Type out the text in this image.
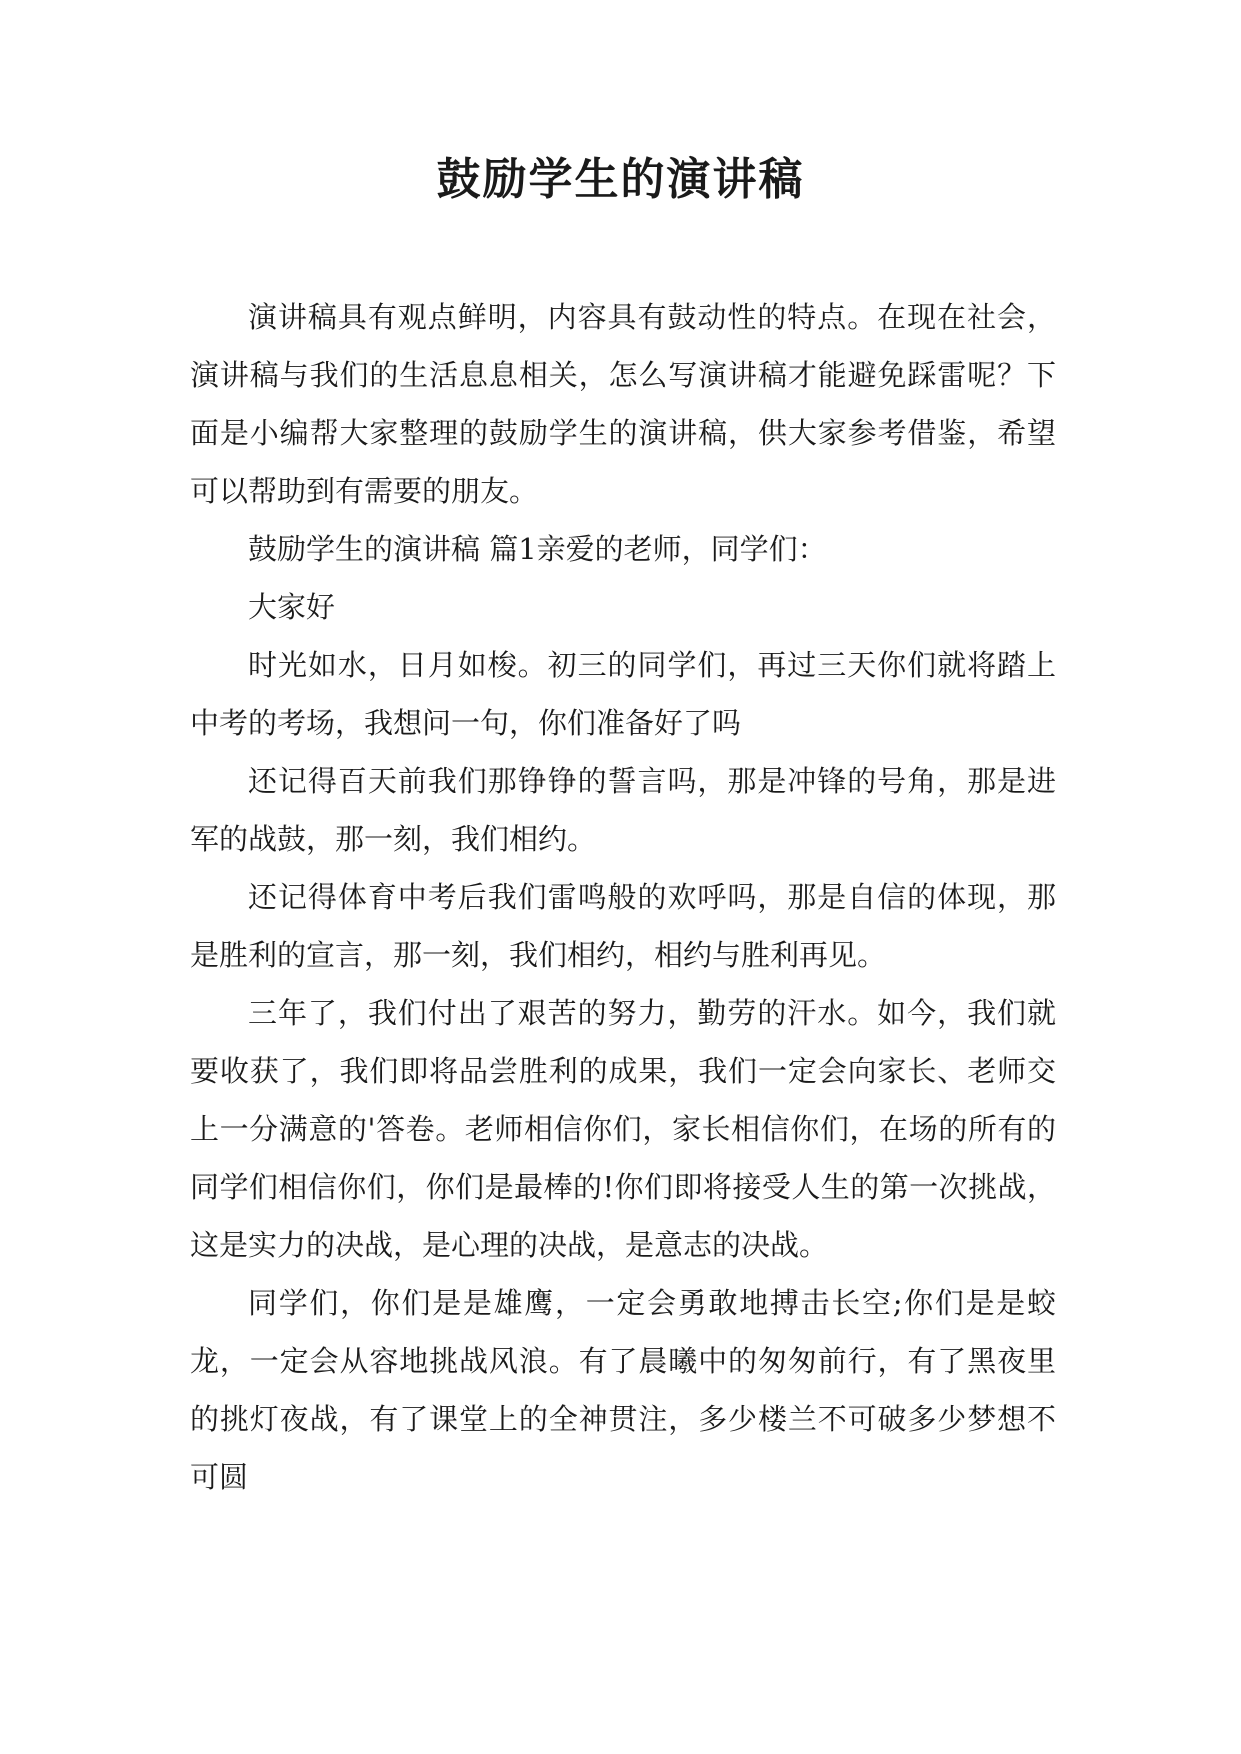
鼓励学生的演讲稿

演讲稿具有观点鲜明，内容具有鼓动性的特点。在现在社会，演讲稿与我们的生活息息相关，怎么写演讲稿才能避免踩雷呢？下面是小编帮大家整理的鼓励学生的演讲稿，供大家参考借鉴，希望可以帮助到有需要的朋友。

鼓励学生的演讲稿 篇1亲爱的老师，同学们：

大家好

时光如水，日月如梭。初三的同学们，再过三天你们就将踏上中考的考场，我想问一句，你们准备好了吗

还记得百天前我们那铮铮的誓言吗，那是冲锋的号角，那是进军的战鼓，那一刻，我们相约。

还记得体育中考后我们雷鸣般的欢呼吗，那是自信的体现，那是胜利的宣言，那一刻，我们相约，相约与胜利再见。

三年了，我们付出了艰苦的努力，勤劳的汗水。如今，我们就要收获了，我们即将品尝胜利的成果，我们一定会向家长、老师交上一分满意的'答卷。老师相信你们，家长相信你们，在场的所有的同学们相信你们，你们是最棒的!你们即将接受人生的第一次挑战，这是实力的决战，是心理的决战，是意志的决战。

同学们，你们是是雄鹰，一定会勇敢地搏击长空;你们是是蛟龙，一定会从容地挑战风浪。有了晨曦中的匆匆前行，有了黑夜里的挑灯夜战，有了课堂上的全神贯注，多少楼兰不可破多少梦想不可圆
